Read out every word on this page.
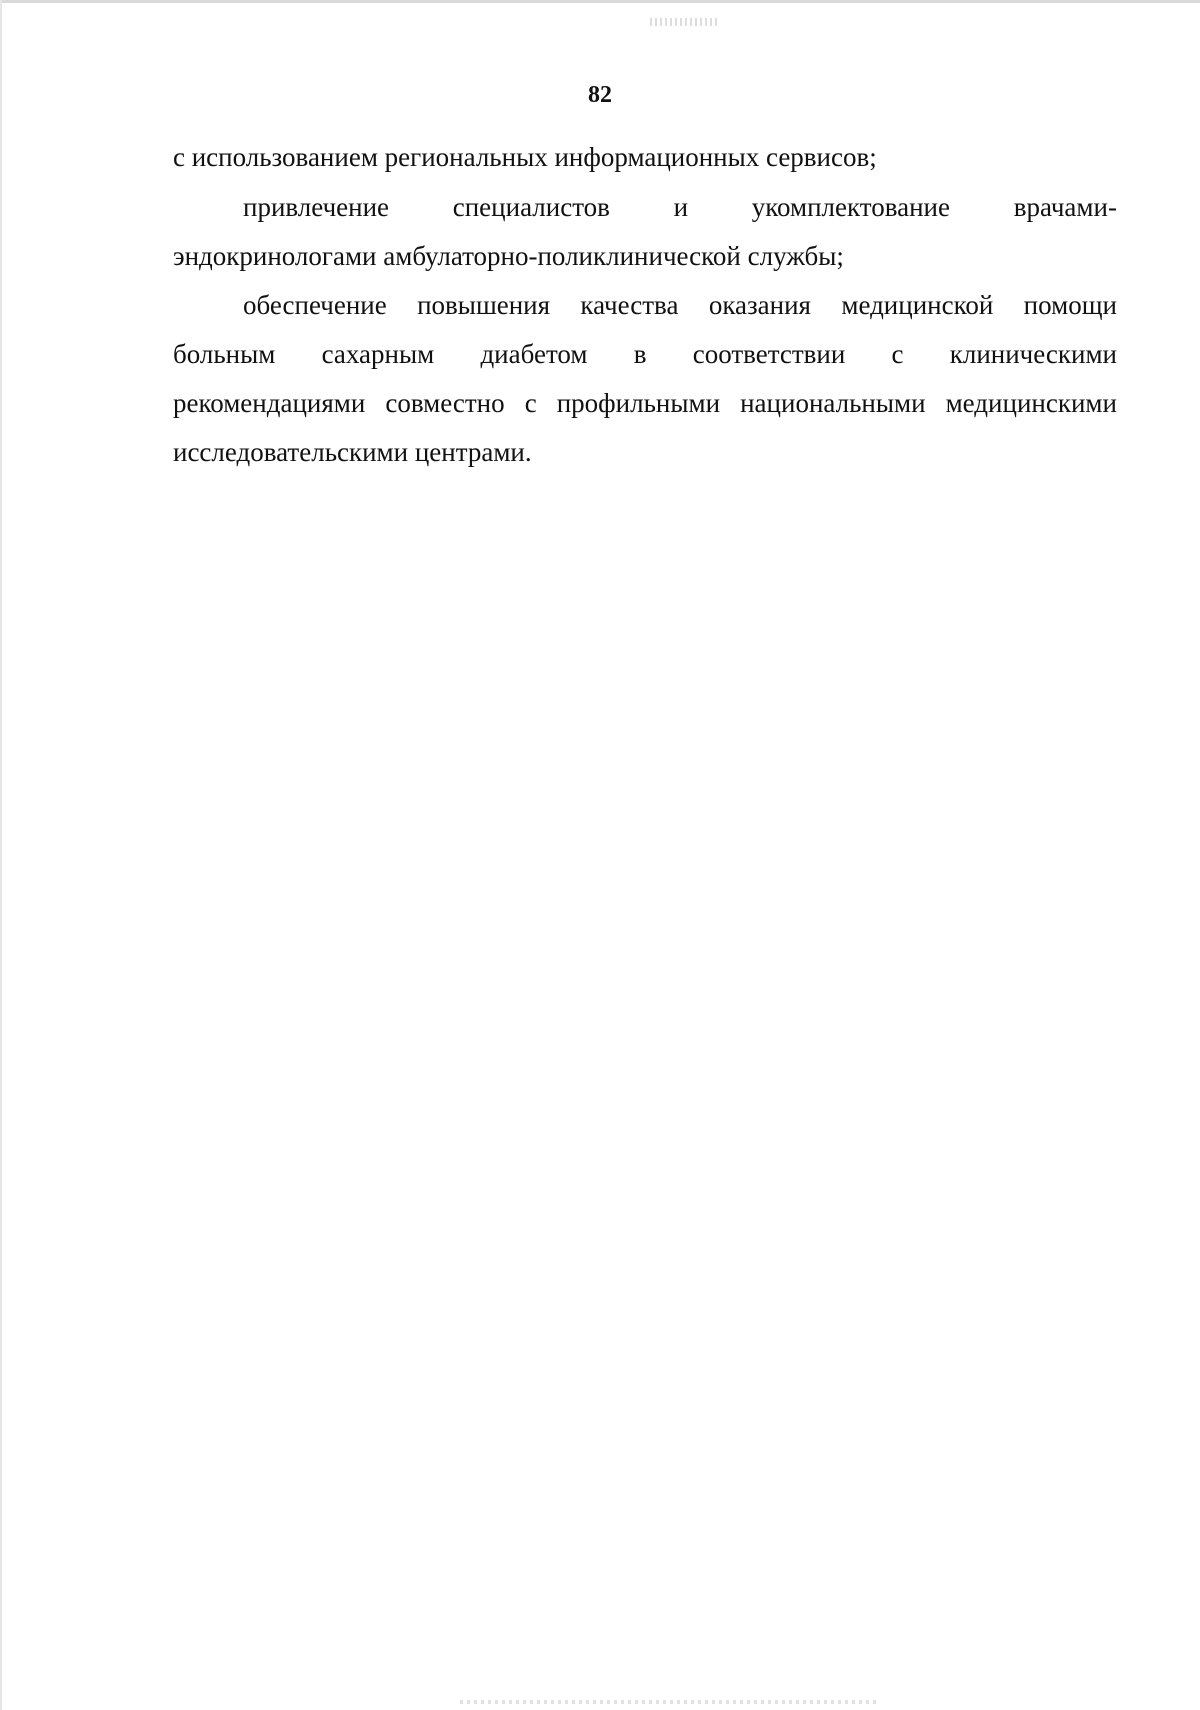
82
с использованием региональных информационных сервисов;
привлечение специалистов и укомплектование врачами-
эндокринологами амбулаторно-поликлинической службы;
обеспечение повышения качества оказания медицинской помощи
больным сахарным диабетом в соответствии с клиническими
рекомендациями совместно с профильными национальными медицинскими
исследовательскими центрами.
